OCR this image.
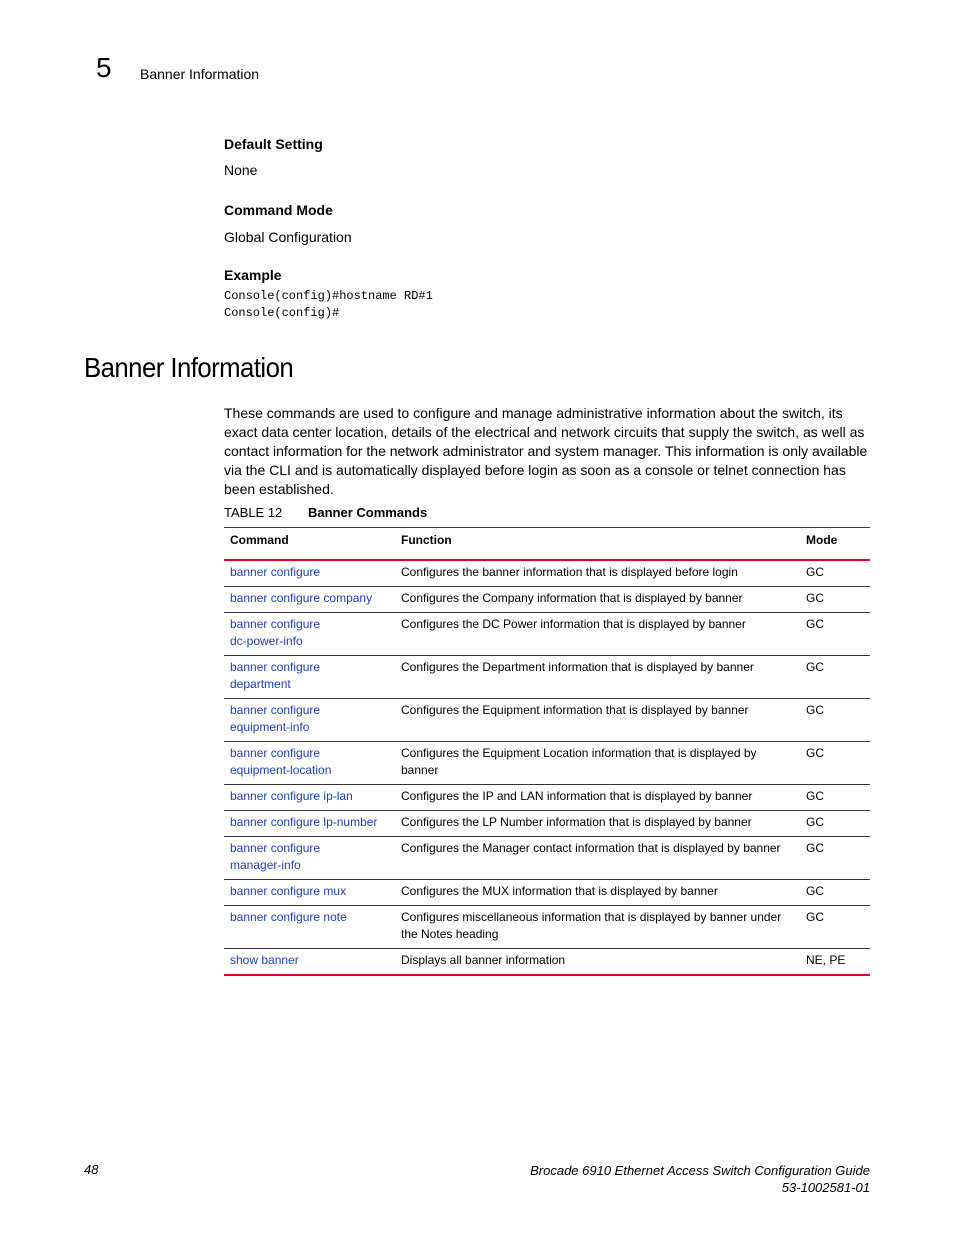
5 Banner Information

Default Setting

None

Command Mode

Global Configuration

Example

Console(config)#hostname RD#1
Console(config)#
Banner Information

These commands are used to configure and manage administrative information about the switch, its exact data center location, details of the electrical and network circuits that supply the switch, as well as contact information for the network administrator and system manager. This information is only available via the CLI and is automatically displayed before login as soon as a console or telnet connection has been established.

TABLE 12 Banner Commands
Command	Function	Mode
banner configure	Configures the banner information that is displayed before login	GC
banner configure company	Configures the Company information that is displayed by banner	GC
banner configure
dc-power-info	Configures the DC Power information that is displayed by banner	GC
banner configure
department	Configures the Department information that is displayed by banner	GC
banner configure
equipment-info	Configures the Equipment information that is displayed by banner	GC
banner configure
equipment-location	Configures the Equipment Location information that is displayed by banner	GC
banner configure ip-lan	Configures the IP and LAN information that is displayed by banner	GC
banner configure lp-number	Configures the LP Number information that is displayed by banner	GC
banner configure
manager-info	Configures the Manager contact information that is displayed by banner	GC
banner configure mux	Configures the MUX information that is displayed by banner	GC
banner configure note	Configures miscellaneous information that is displayed by banner under the Notes heading	GC
show banner	Displays all banner information	NE, PE
48	Brocade 6910 Ethernet Access Switch Configuration Guide
53-1002581-01
